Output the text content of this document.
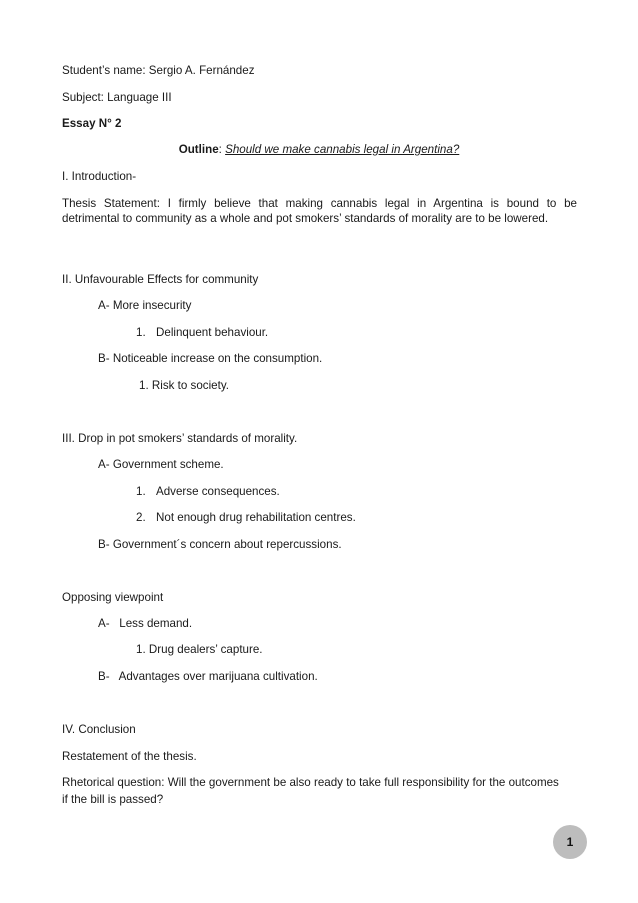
Student’s name: Sergio A. Fernández
Subject: Language III
Essay N° 2
Outline: Should we make cannabis legal in Argentina?
I. Introduction-
Thesis Statement: I firmly believe that making cannabis legal in Argentina is bound to be
detrimental to community as a whole and pot smokers’ standards of morality are to be lowered.
II. Unfavourable Effects for community
A- More insecurity
1. Delinquent behaviour.
B- Noticeable increase on the consumption.
1. Risk to society.
III. Drop in pot smokers’ standards of morality.
A- Government scheme.
1. Adverse consequences.
2. Not enough drug rehabilitation centres.
B- Government´s concern about repercussions.
Opposing viewpoint
A-   Less demand.
1. Drug dealers’ capture.
B-   Advantages over marijuana cultivation.
IV. Conclusion
Restatement of the thesis.
Rhetorical question: Will the government be also ready to take full responsibility for the outcomes
if the bill is passed?
1
